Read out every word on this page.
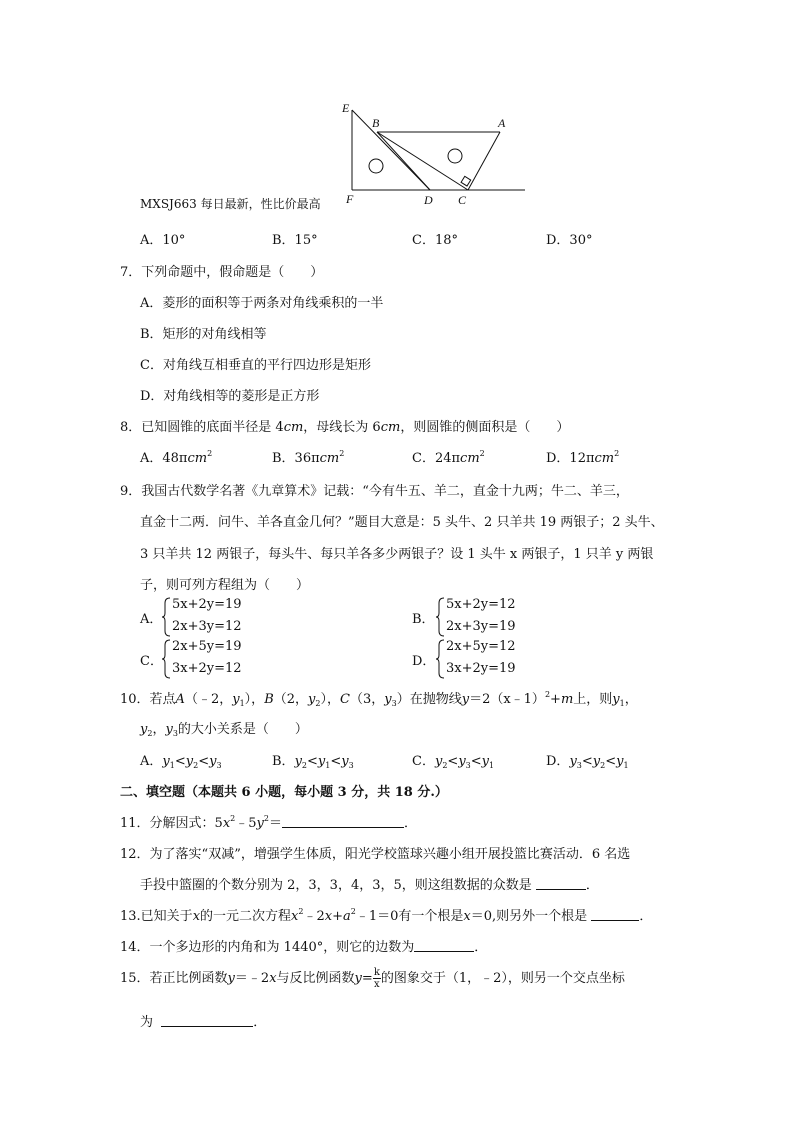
E
B	A
F	D C
MXSJ663 每日最新，性比价最高
A．10°	B．15°	C．18°	D．30°
7．下列命题中，假命题是（　　）
A．菱形的面积等于两条对角线乘积的一半
B．矩形的对角线相等
C．对角线互相垂直的平行四边形是矩形
D．对角线相等的菱形是正方形
8．已知圆锥的底面半径是 4cm，母线长为 6cm，则圆锥的侧面积是（　　）
A．48πcm$^2$	B．36πcm$^2$	C．24πcm$^2$	D．12πcm$^2$
9．我国古代数学名著《九章算术》记载：“今有牛五、羊二，直金十九两；牛二、羊三，
直金十二两．问牛、羊各直金几何？”题目大意是：5 头牛、2 只羊共 19 两银子；2 头牛、
3 只羊共 12 两银子，每头牛、每只羊各多少两银子？设 1 头牛 x 两银子，1 只羊 y 两银
子，则可列方程组为（　　）
A．
5x+2y=19
2x+3y=12	B．
5x+2y=12
2x+3y=19
C．
2x+5y=19
3x+2y=12	D．
2x+5y=12
3x+2y=19
10．若点A（﹣2，$y_1$），B（2，$y_2$），C（3，$y_3$）在抛物线y＝2（x﹣1）$^2$+m上，则$y_1$，
$y_2$，$y_3$的大小关系是（　　）
A．$y_1<y_2<y_3$	B．$y_2<y_1<y_3$	C．$y_2<y_3<y_1$	D．$y_3<y_2<y_1$
二、填空题（本题共 6 小题，每小题 3 分，共 18 分.）
11．分解因式：$5x^2﹣5y^2=$	．
12．为了落实“双减”，增强学生体质，阳光学校篮球兴趣小组开展投篮比赛活动．6 名选
手投中篮圈的个数分别为 2，3，3，4，3，5，则这组数据的众数是	．
13.已知关于x的一元二次方程$x^2﹣2x+a^2﹣1=0$有一个根是x＝0,则另外一个根是	．
14．一个多边形的内角和为 1440°，则它的边数为	．
15．若正比例函数y＝﹣2x与反比例函数$y= \frac{k}{x}$ 的图象交于（1，﹣2），则另一个交点坐标
为	．
